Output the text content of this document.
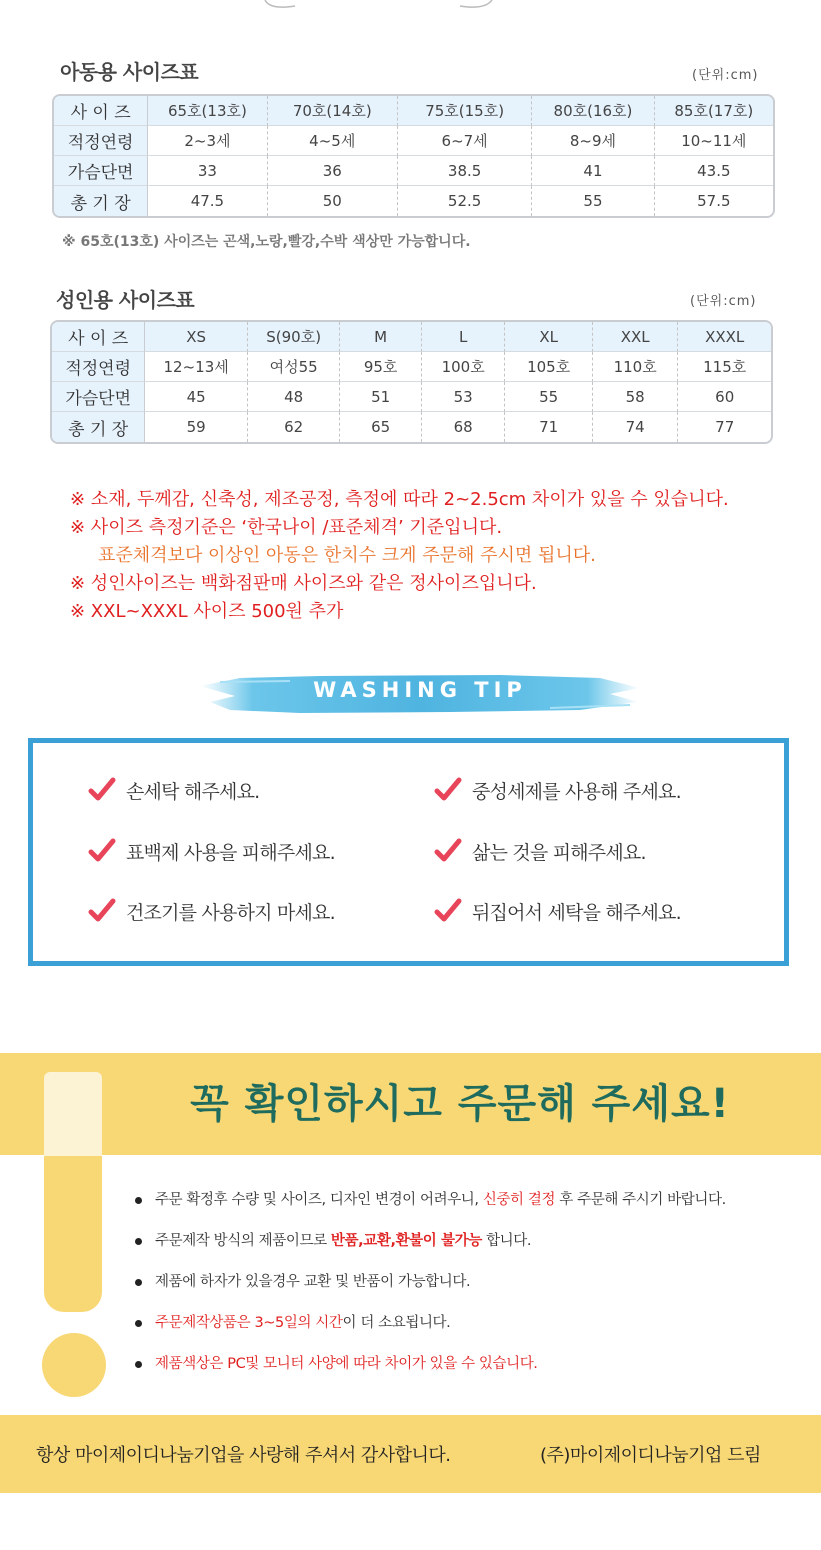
아동용 사이즈표	(단위:cm)
사 이 즈	65호(13호)	70호(14호)	75호(15호)	80호(16호)	85호(17호)
적정연령	2~3세	4~5세	6~7세	8~9세	10~11세
가슴단면	33	36	38.5	41	43.5
총 기 장	47.5	50	52.5	55	57.5
※ 65호(13호) 사이즈는 곤색,노랑,빨강,수박 색상만 가능합니다.
성인용 사이즈표	(단위:cm)
사 이 즈	XS	S(90호)	M	L	XL	XXL	XXXL
적정연령	12~13세	여성55	95호	100호	105호	110호	115호
가슴단면	45	48	51	53	55	58	60
총 기 장	59	62	65	68	71	74	77
※ 소재, 두께감, 신축성, 제조공정, 측정에 따라 2~2.5cm 차이가 있을 수 있습니다.
※ 사이즈 측정기준은 ‘한국나이 /표준체격’ 기준입니다.
표준체격보다 이상인 아동은 한치수 크게 주문해 주시면 됩니다.
※ 성인사이즈는 백화점판매 사이즈와 같은 정사이즈입니다.
※ XXL~XXXL 사이즈 500원 추가
WASHING TIP
손세탁 해주세요.	중성세제를 사용해 주세요.
표백제 사용을 피해주세요.	삶는 것을 피해주세요.
건조기를 사용하지 마세요.	뒤집어서 세탁을 해주세요.
꼭 확인하시고 주문해 주세요!
주문 확정후 수량 및 사이즈, 디자인 변경이 어려우니, 신중히 결정 후 주문해 주시기 바랍니다.
주문제작 방식의 제품이므로 반품,교환,환불이 불가능 합니다.
제품에 하자가 있을경우 교환 및 반품이 가능합니다.
주문제작상품은 3~5일의 시간이 더 소요됩니다.
제품색상은 PC및 모니터 사양에 따라 차이가 있을 수 있습니다.
항상 마이제이디나눔기업을 사랑해 주셔서 감사합니다.	(주)마이제이디나눔기업 드림
